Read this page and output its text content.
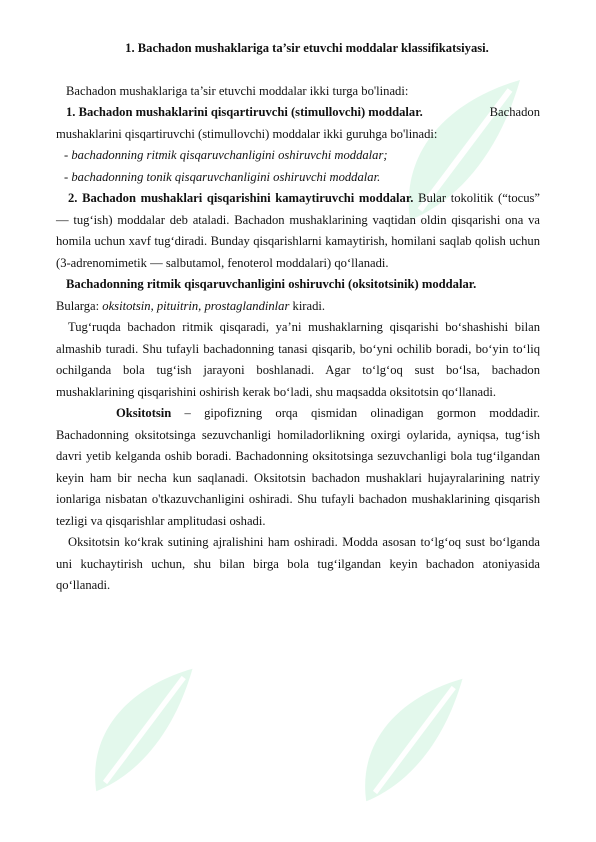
1. Bachadon mushaklariga ta’sir etuvchi moddalar klassifikatsiyasi.

Bachadon mushaklariga ta’sir etuvchi moddalar ikki turga bo'linadi:

1. Bachadon mushaklarini qisqartiruvchi (stimullovchi) moddalar.	Bachadon

mushaklarini qisqartiruvchi (stimullovchi) moddalar ikki guruhga bo'linadi:

- bachadonning ritmik qisqaruvchanligini oshiruvchi moddalar;

- bachadonning tonik qisqaruvchanligini oshiruvchi moddalar.

2. Bachadon mushaklari qisqarishini kamaytiruvchi moddalar. Bular tokolitik (“tocus” — tug‘ish) moddalar deb ataladi. Bachadon mushaklarining vaqtidan oldin qisqarishi ona va homila uchun xavf tug‘diradi. Bunday qisqarishlarni kamaytirish, homilani saqlab qolish uchun (3-adrenomimetik — salbutamol, fenoterol moddalari) qo‘llanadi.

Bachadonning ritmik qisqaruvchanligini oshiruvchi (oksitotsinik) moddalar.

Bularga: oksitotsin, pituitrin, prostaglandinlar kiradi.

Tug‘ruqda bachadon ritmik qisqaradi, ya’ni mushaklarning qisqarishi bo‘shashishi bilan almashib turadi. Shu tufayli bachadonning tanasi qisqarib, bo‘yni ochilib boradi, bo‘yin to‘liq ochilganda bola tug‘ish jarayoni boshlanadi. Agar to‘lg‘oq sust bo‘lsa, bachadon mushaklarining qisqarishini oshirish kerak bo‘ladi, shu maqsadda oksitotsin qo‘llanadi.

Oksitotsin – gipofizning orqa qismidan olinadigan gormon moddadir. Bachadonning oksitotsinga sezuvchanligi homiladorlikning oxirgi oylarida, ayniqsa, tug‘ish davri yetib kelganda oshib boradi. Bachadonning oksitotsinga sezuvchanligi bola tug‘ilgandan keyin ham bir necha kun saqlanadi. Oksitotsin bachadon mushaklari hujayralarining natriy ionlariga nisbatan o'tkazuvchanligini oshiradi. Shu tufayli bachadon mushaklarining qisqarish tezligi va qisqarishlar amplitudasi oshadi.

Oksitotsin ko‘krak sutining ajralishini ham oshiradi. Modda asosan to‘lg‘oq sust bo‘lganda uni kuchaytirish uchun, shu bilan birga bola tug‘ilgandan keyin bachadon atoniyasida qo‘llanadi.
